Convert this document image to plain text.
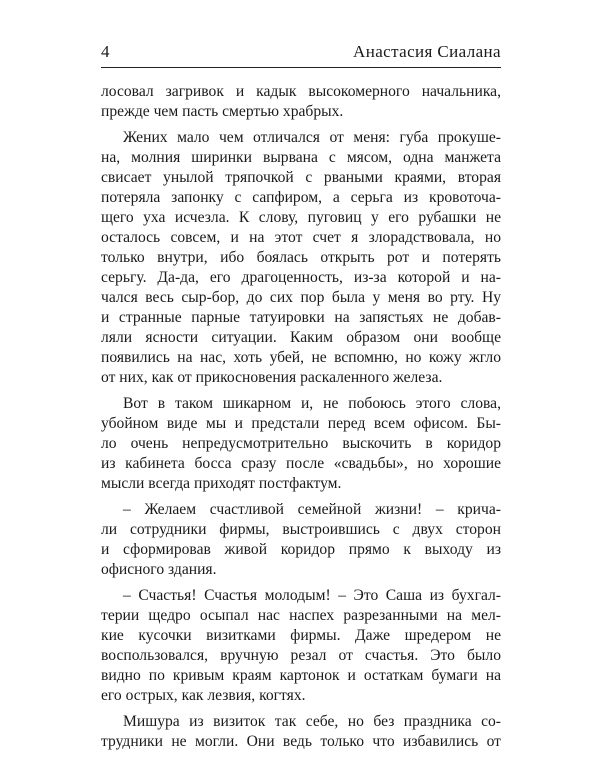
4	Анастасия Сиалана

лосовал загривок и кадык высокомерного начальника,
прежде чем пасть смертью храбрых.

Жених мало чем отличался от меня: губа прокуше-
на, молния ширинки вырвана с мясом, одна манжета
свисает унылой тряпочкой с рваными краями, вторая
потеряла запонку с сапфиром, а серьга из кровоточа-
щего уха исчезла. К слову, пуговиц у его рубашки не
осталось совсем, и на этот счет я злорадствовала, но
только внутри, ибо боялась открыть рот и потерять
серьгу. Да-да, его драгоценность, из-за которой и на-
чался весь сыр-бор, до сих пор была у меня во рту. Ну
и странные парные татуировки на запястьях не добав-
ляли ясности ситуации. Каким образом они вообще
появились на нас, хоть убей, не вспомню, но кожу жгло
от них, как от прикосновения раскаленного железа.

Вот в таком шикарном и, не побоюсь этого слова,
убойном виде мы и предстали перед всем офисом. Бы-
ло очень непредусмотрительно выскочить в коридор
из кабинета босса сразу после «свадьбы», но хорошие
мысли всегда приходят постфактум.

– Желаем счастливой семейной жизни! – крича-
ли сотрудники фирмы, выстроившись с двух сторон
и сформировав живой коридор прямо к выходу из
офисного здания.

– Счастья! Счастья молодым! – Это Саша из бухгал-
терии щедро осыпал нас наспех разрезанными на мел-
кие кусочки визитками фирмы. Даже шредером не
воспользовался, вручную резал от счастья. Это было
видно по кривым краям картонок и остаткам бумаги на
его острых, как лезвия, когтях.

Мишура из визиток так себе, но без праздника со-
трудники не могли. Они ведь только что избавились от
